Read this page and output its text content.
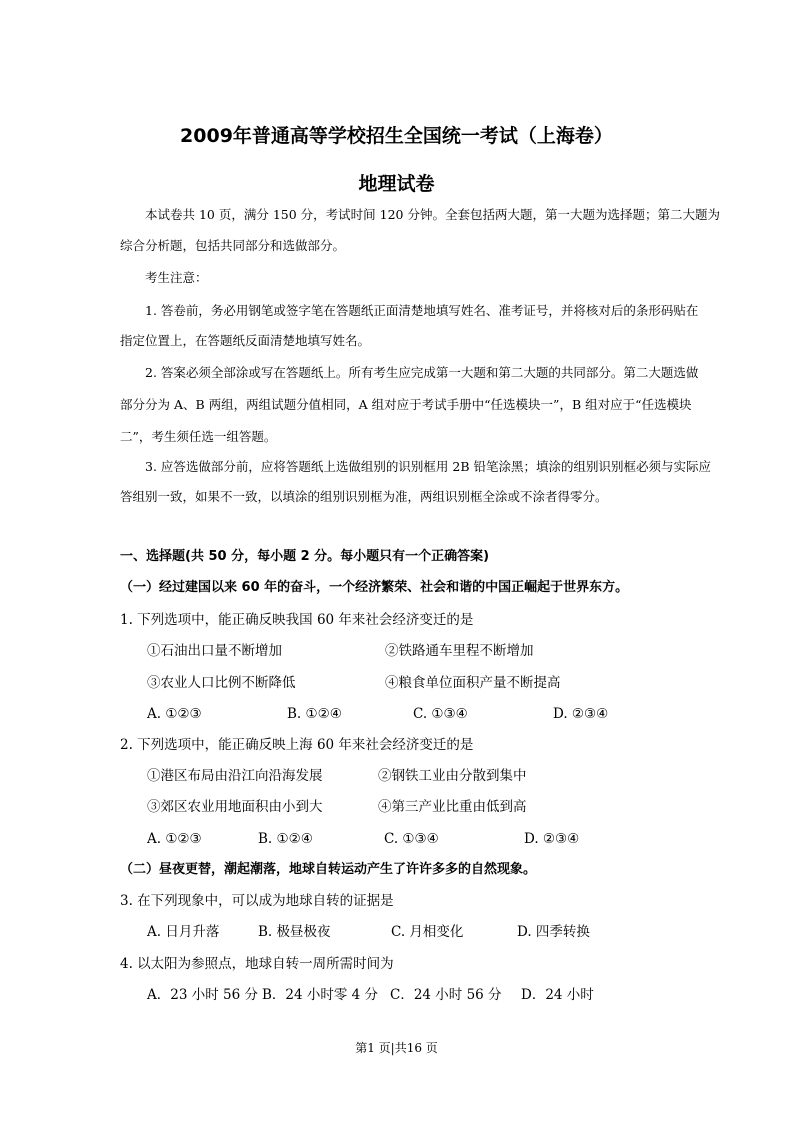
2009年普通高等学校招生全国统一考试（上海卷）
地理试卷
本试卷共 10 页，满分 150 分，考试时间 120 分钟。全套包括两大题，第一大题为选择题；第二大题为
综合分析题，包括共同部分和选做部分。
考生注意：
1. 答卷前，务必用钢笔或签字笔在答题纸正面清楚地填写姓名、准考证号，并将核对后的条形码贴在
指定位置上，在答题纸反面清楚地填写姓名。
2. 答案必须全部涂或写在答题纸上。所有考生应完成第一大题和第二大题的共同部分。第二大题选做
部分分为 A、B 两组，两组试题分值相同，A 组对应于考试手册中“任选模块一”，B 组对应于“任选模块
二”，考生须任选一组答题。
3. 应答选做部分前，应将答题纸上选做组别的识别框用 2B 铅笔涂黑；填涂的组别识别框必须与实际应
答组别一致，如果不一致，以填涂的组别识别框为准，两组识别框全涂或不涂者得零分。
一、选择题(共 50 分，每小题 2 分。每小题只有一个正确答案)
（一）经过建国以来 60 年的奋斗，一个经济繁荣、社会和谐的中国正崛起于世界东方。
1. 下列选项中，能正确反映我国 60 年来社会经济变迁的是
①石油出口量不断增加	②铁路通车里程不断增加
③农业人口比例不断降低	④粮食单位面积产量不断提高
A. ①②③	B. ①②④	C. ①③④	D. ②③④
2. 下列选项中，能正确反映上海 60 年来社会经济变迁的是
①港区布局由沿江向沿海发展	②钢铁工业由分散到集中
③郊区农业用地面积由小到大	④第三产业比重由低到高
A. ①②③	B. ①②④	C. ①③④	D. ②③④
（二）昼夜更替，潮起潮落，地球自转运动产生了许许多多的自然现象。
3. 在下列现象中，可以成为地球自转的证据是
A. 日月升落	B. 极昼极夜	C. 月相变化	D. 四季转换
4. 以太阳为参照点，地球自转一周所需时间为
A．23 小时 56 分 B．24 小时零 4 分 C．24 小时 56 分 D．24 小时
第1 页|共16 页
